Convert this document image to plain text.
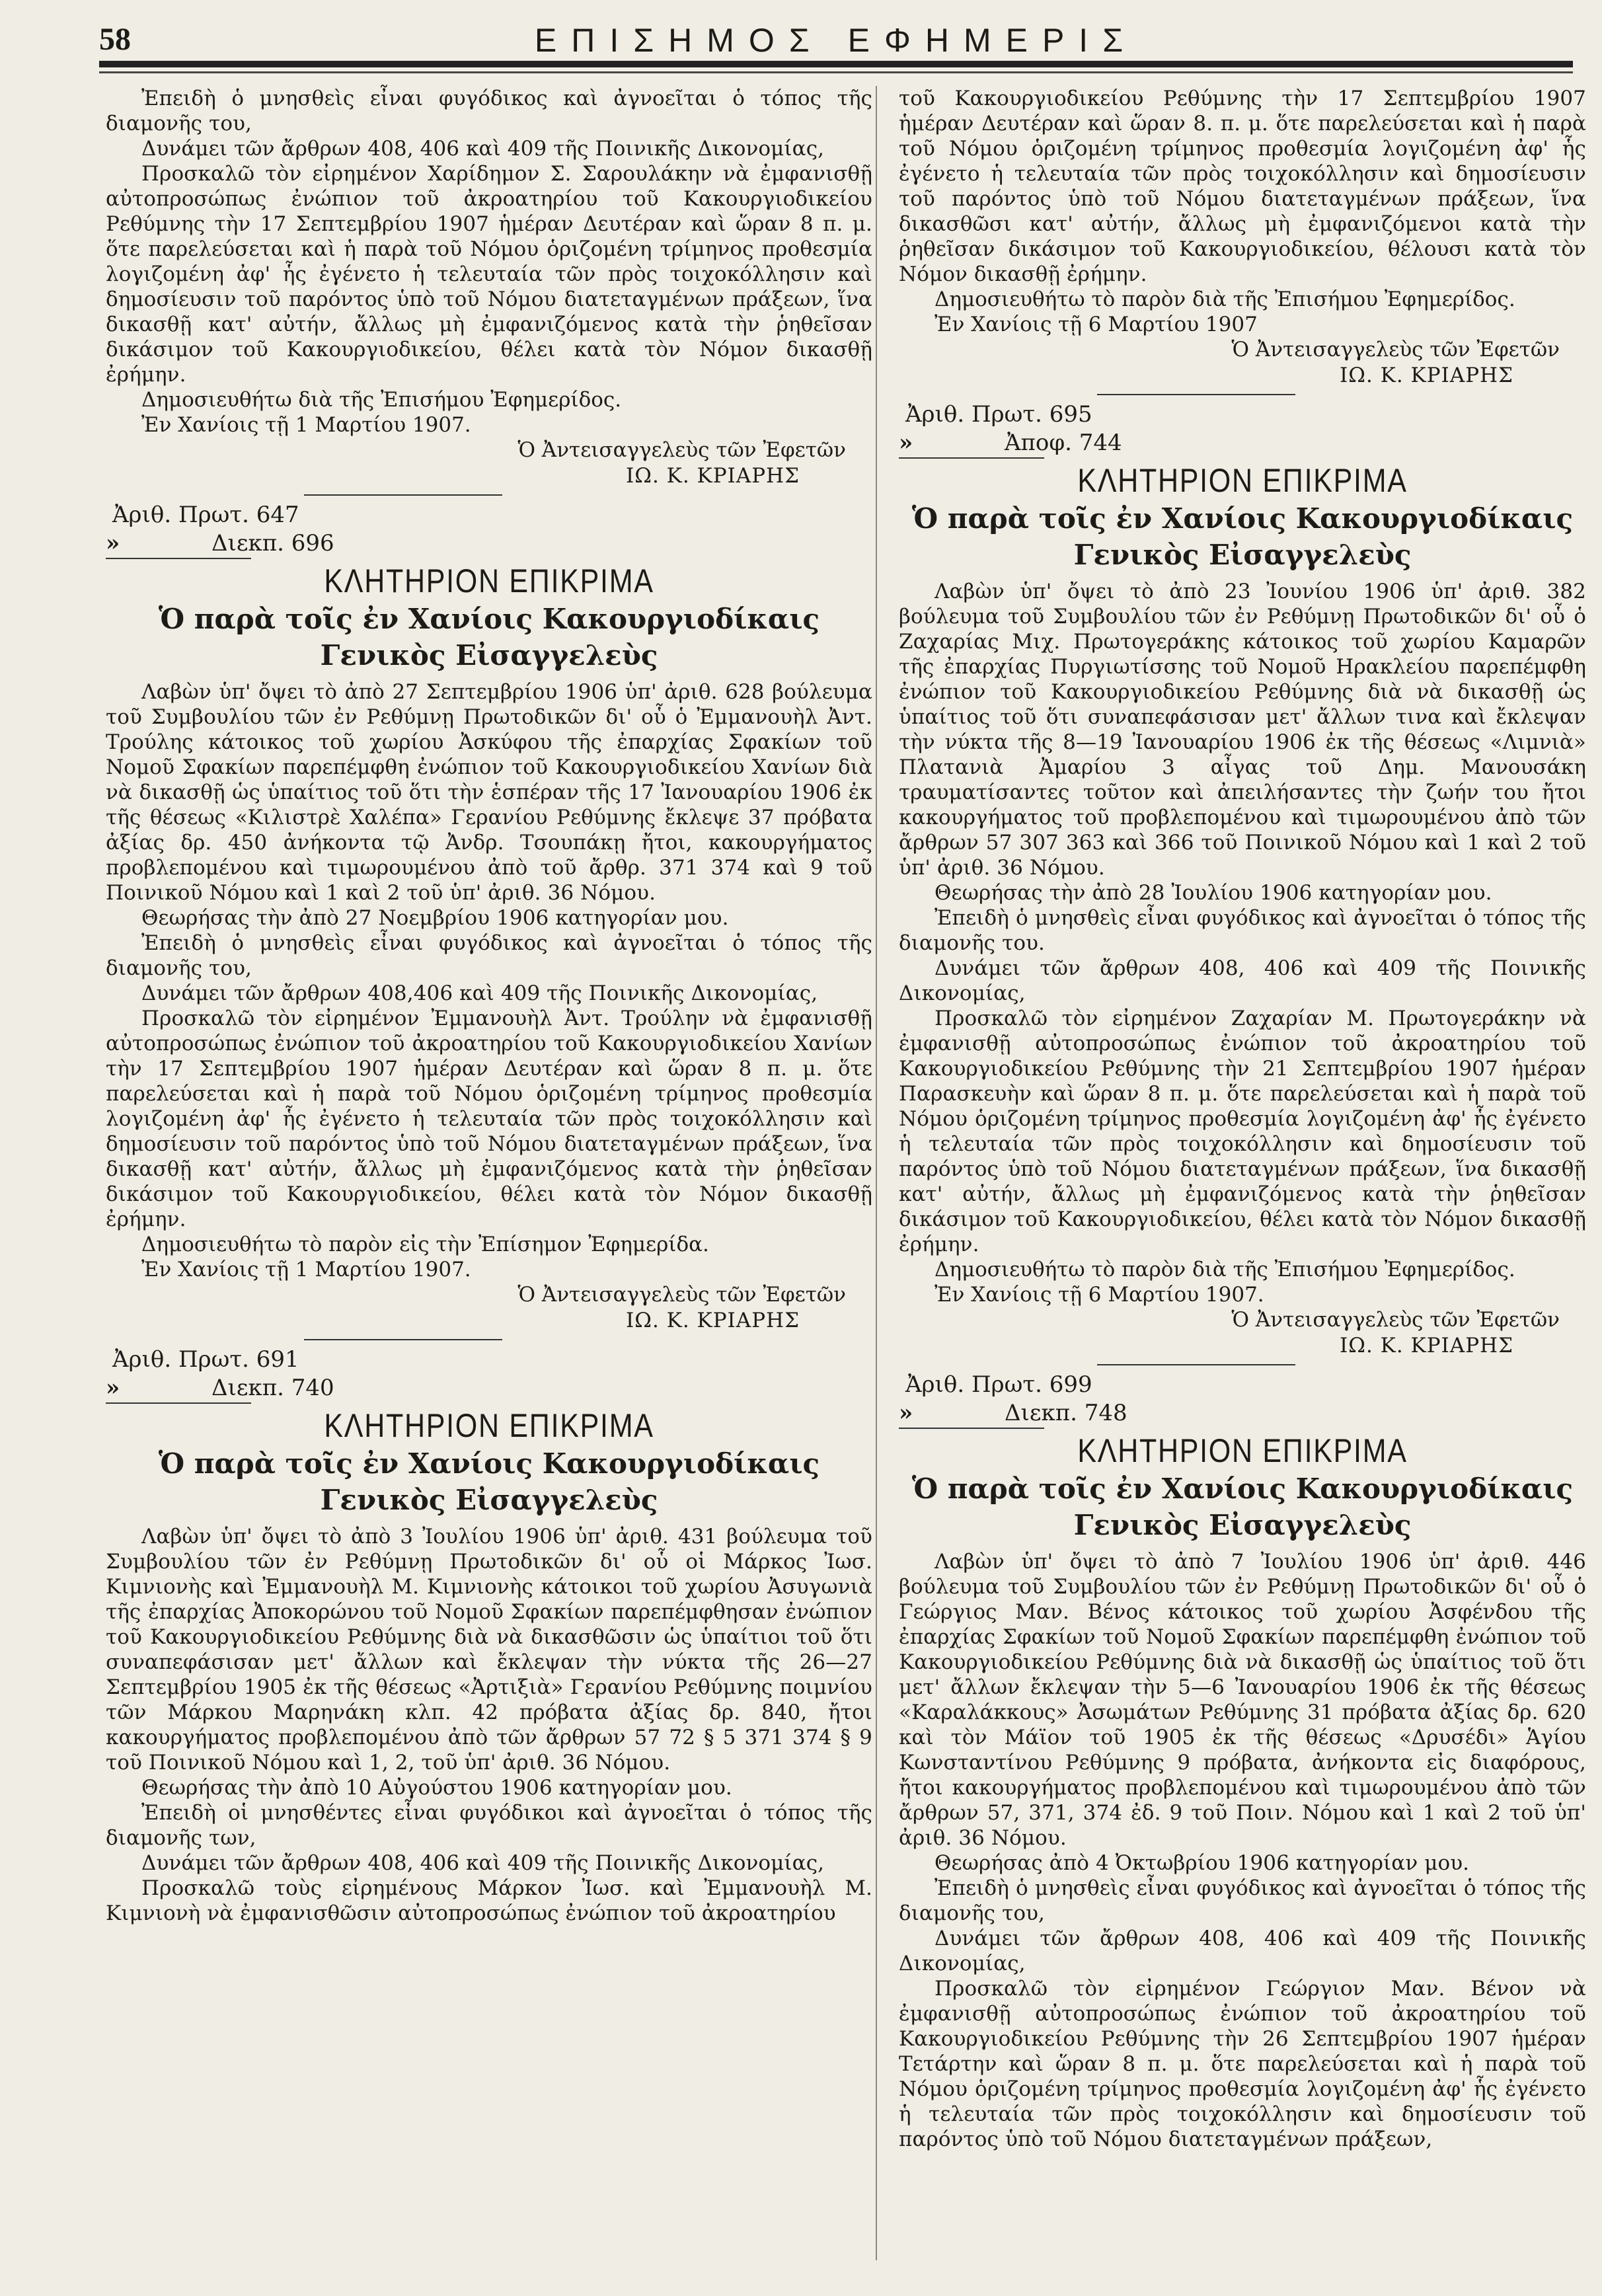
58	ΕΠΙΣΗΜΟΣ ΕΦΗΜΕΡΙΣ

Ἐπειδὴ ὁ μνησθεὶς εἶναι φυγόδικος καὶ ἀγνοεῖται ὁ τόπος τῆς διαμονῆς του,

Δυνάμει τῶν ἄρθρων 408, 406 καὶ 409 τῆς Ποινικῆς Δικονομίας,

Προσκαλῶ τὸν εἰρημένον Χαρίδημον Σ. Σαρουλάκην νὰ ἐμφανισθῇ αὐτοπροσώπως ἐνώπιον τοῦ ἀκροατηρίου τοῦ Κακουργιοδικείου Ρεθύμνης τὴν 17 Σεπτεμβρίου 1907 ἡμέραν Δευτέραν καὶ ὥραν 8 π. μ. ὅτε παρελεύσεται καὶ ἡ παρὰ τοῦ Νόμου ὁριζομένη τρίμηνος προθεσμία λογιζομένη ἀφ' ἧς ἐγένετο ἡ τελευταία τῶν πρὸς τοιχοκόλλησιν καὶ δημοσίευσιν τοῦ παρόντος ὑπὸ τοῦ Νόμου διατεταγμένων πράξεων, ἵνα δικασθῇ κατ' αὐτήν, ἄλλως μὴ ἐμφανιζόμενος κατὰ τὴν ῥηθεῖσαν δικάσιμον τοῦ Κακουργιοδικείου, θέλει κατὰ τὸν Νόμον δικασθῇ ἐρήμην.

Δημοσιευθήτω διὰ τῆς Ἐπισήμου Ἐφημερίδος.

Ἐν Χανίοις τῇ 1 Μαρτίου 1907.

Ὁ Ἀντεισαγγελεὺς τῶν Ἐφετῶν

ΙΩ. Κ. ΚΡΙΑΡΗΣ

Ἀριθ. Πρωτ. 647
»	Διεκπ. 696
ΚΛΗΤΗΡΙΟΝ ΕΠΙΚΡΙΜΑ
Ὁ παρὰ τοῖς ἐν Χανίοις Κακουργιοδίκαις
Γενικὸς Εἰσαγγελεὺς

Λαβὼν ὑπ' ὄψει τὸ ἀπὸ 27 Σεπτεμβρίου 1906 ὑπ' ἀριθ. 628 βούλευμα τοῦ Συμβουλίου τῶν ἐν Ρεθύμνῃ Πρωτοδικῶν δι' οὗ ὁ Ἐμμανουὴλ Ἀντ. Τρούλης κάτοικος τοῦ χωρίου Ἀσκύφου τῆς ἐπαρχίας Σφακίων τοῦ Νομοῦ Σφακίων παρεπέμφθη ἐνώπιον τοῦ Κακουργιοδικείου Χανίων διὰ νὰ δικασθῇ ὡς ὑπαίτιος τοῦ ὅτι τὴν ἑσπέραν τῆς 17 Ἰανουαρίου 1906 ἐκ τῆς θέσεως «Κιλιστρὲ Χαλέπα» Γερανίου Ρεθύμνης ἔκλεψε 37 πρόβατα ἀξίας δρ. 450 ἀνήκοντα τῷ Ἀνδρ. Τσουπάκῃ ἤτοι, κακουργήματος προβλεπομένου καὶ τιμωρουμένου ἀπὸ τοῦ ἄρθρ. 371 374 καὶ 9 τοῦ Ποινικοῦ Νόμου καὶ 1 καὶ 2 τοῦ ὑπ' ἀριθ. 36 Νόμου.

Θεωρήσας τὴν ἀπὸ 27 Νοεμβρίου 1906 κατηγορίαν μου.

Ἐπειδὴ ὁ μνησθεὶς εἶναι φυγόδικος καὶ ἀγνοεῖται ὁ τόπος τῆς διαμονῆς του,

Δυνάμει τῶν ἄρθρων 408,406 καὶ 409 τῆς Ποινικῆς Δικονομίας,

Προσκαλῶ τὸν εἰρημένον Ἐμμανουὴλ Ἀντ. Τρούλην νὰ ἐμφανισθῇ αὐτοπροσώπως ἐνώπιον τοῦ ἀκροατηρίου τοῦ Κακουργιοδικείου Χανίων τὴν 17 Σεπτεμβρίου 1907 ἡμέραν Δευτέραν καὶ ὥραν 8 π. μ. ὅτε παρελεύσεται καὶ ἡ παρὰ τοῦ Νόμου ὁριζομένη τρίμηνος προθεσμία λογιζομένη ἀφ' ἧς ἐγένετο ἡ τελευταία τῶν πρὸς τοιχοκόλλησιν καὶ δημοσίευσιν τοῦ παρόντος ὑπὸ τοῦ Νόμου διατεταγμένων πράξεων, ἵνα δικασθῇ κατ' αὐτήν, ἄλλως μὴ ἐμφανιζόμενος κατὰ τὴν ῥηθεῖσαν δικάσιμον τοῦ Κακουργιοδικείου, θέλει κατὰ τὸν Νόμον δικασθῇ ἐρήμην.

Δημοσιευθήτω τὸ παρὸν εἰς τὴν Ἐπίσημον Ἐφημερίδα.

Ἐν Χανίοις τῇ 1 Μαρτίου 1907.

Ὁ Ἀντεισαγγελεὺς τῶν Ἐφετῶν

ΙΩ. Κ. ΚΡΙΑΡΗΣ

Ἀριθ. Πρωτ. 691
»	Διεκπ. 740
ΚΛΗΤΗΡΙΟΝ ΕΠΙΚΡΙΜΑ
Ὁ παρὰ τοῖς ἐν Χανίοις Κακουργιοδίκαις
Γενικὸς Εἰσαγγελεὺς

Λαβὼν ὑπ' ὄψει τὸ ἀπὸ 3 Ἰουλίου 1906 ὑπ' ἀριθ. 431 βούλευμα τοῦ Συμβουλίου τῶν ἐν Ρεθύμνῃ Πρωτοδικῶν δι' οὗ οἱ Μάρκος Ἰωσ. Κιμνιονὴς καὶ Ἐμμανουὴλ Μ. Κιμνιονὴς κάτοικοι τοῦ χωρίου Ἀσυγωνιὰ τῆς ἐπαρχίας Ἀποκορώνου τοῦ Νομοῦ Σφακίων παρεπέμφθησαν ἐνώπιον τοῦ Κακουργιοδικείου Ρεθύμνης διὰ νὰ δικασθῶσιν ὡς ὑπαίτιοι τοῦ ὅτι συναπεφάσισαν μετ' ἄλλων καὶ ἔκλεψαν τὴν νύκτα τῆς 26—27 Σεπτεμβρίου 1905 ἐκ τῆς θέσεως «Ἀρτιξιὰ» Γερανίου Ρεθύμνης ποιμνίου τῶν Μάρκου Μαρηνάκη κλπ. 42 πρόβατα ἀξίας δρ. 840, ἤτοι κακουργήματος προβλεπομένου ἀπὸ τῶν ἄρθρων 57 72 § 5 371 374 § 9 τοῦ Ποινικοῦ Νόμου καὶ 1, 2, τοῦ ὑπ' ἀριθ. 36 Νόμου.

Θεωρήσας τὴν ἀπὸ 10 Αὐγούστου 1906 κατηγορίαν μου.

Ἐπειδὴ οἱ μνησθέντες εἶναι φυγόδικοι καὶ ἀγνοεῖται ὁ τόπος τῆς διαμονῆς των,

Δυνάμει τῶν ἄρθρων 408, 406 καὶ 409 τῆς Ποινικῆς Δικονομίας,

Προσκαλῶ τοὺς εἰρημένους Μάρκον Ἰωσ. καὶ Ἐμμανουὴλ Μ. Κιμνιονὴ νὰ ἐμφανισθῶσιν αὐτοπροσώπως ἐνώπιον τοῦ ἀκροατηρίου

τοῦ Κακουργιοδικείου Ρεθύμνης τὴν 17 Σεπτεμβρίου 1907 ἡμέραν Δευτέραν καὶ ὥραν 8. π. μ. ὅτε παρελεύσεται καὶ ἡ παρὰ τοῦ Νόμου ὁριζομένη τρίμηνος προθεσμία λογιζομένη ἀφ' ἧς ἐγένετο ἡ τελευταία τῶν πρὸς τοιχοκόλλησιν καὶ δημοσίευσιν τοῦ παρόντος ὑπὸ τοῦ Νόμου διατεταγμένων πράξεων, ἵνα δικασθῶσι κατ' αὐτήν, ἄλλως μὴ ἐμφανιζόμενοι κατὰ τὴν ῥηθεῖσαν δικάσιμον τοῦ Κακουργιοδικείου, θέλουσι κατὰ τὸν Νόμον δικασθῇ ἐρήμην.

Δημοσιευθήτω τὸ παρὸν διὰ τῆς Ἐπισήμου Ἐφημερίδος.

Ἐν Χανίοις τῇ 6 Μαρτίου 1907

Ὁ Ἀντεισαγγελεὺς τῶν Ἐφετῶν

ΙΩ. Κ. ΚΡΙΑΡΗΣ

Ἀριθ. Πρωτ. 695
»	Ἀποφ. 744
ΚΛΗΤΗΡΙΟΝ ΕΠΙΚΡΙΜΑ
Ὁ παρὰ τοῖς ἐν Χανίοις Κακουργιοδίκαις
Γενικὸς Εἰσαγγελεὺς

Λαβὼν ὑπ' ὄψει τὸ ἀπὸ 23 Ἰουνίου 1906 ὑπ' ἀριθ. 382 βούλευμα τοῦ Συμβουλίου τῶν ἐν Ρεθύμνῃ Πρωτοδικῶν δι' οὗ ὁ Ζαχαρίας Μιχ. Πρωτογεράκης κάτοικος τοῦ χωρίου Καμαρῶν τῆς ἐπαρχίας Πυργιωτίσσης τοῦ Νομοῦ Ηρακλείου παρεπέμφθη ἐνώπιον τοῦ Κακουργιοδικείου Ρεθύμνης διὰ νὰ δικασθῇ ὡς ὑπαίτιος τοῦ ὅτι συναπεφάσισαν μετ' ἄλλων τινα καὶ ἔκλεψαν τὴν νύκτα τῆς 8—19 Ἰανουαρίου 1906 ἐκ τῆς θέσεως «Λιμνιὰ» Πλατανιὰ Ἀμαρίου 3 αἶγας τοῦ Δημ. Μανουσάκη τραυματίσαντες τοῦτον καὶ ἀπειλήσαντες τὴν ζωήν του ἤτοι κακουργήματος τοῦ προβλεπομένου καὶ τιμωρουμένου ἀπὸ τῶν ἄρθρων 57 307 363 καὶ 366 τοῦ Ποινικοῦ Νόμου καὶ 1 καὶ 2 τοῦ ὑπ' ἀριθ. 36 Νόμου.

Θεωρήσας τὴν ἀπὸ 28 Ἰουλίου 1906 κατηγορίαν μου.

Ἐπειδὴ ὁ μνησθεὶς εἶναι φυγόδικος καὶ ἀγνοεῖται ὁ τόπος τῆς διαμονῆς του.

Δυνάμει τῶν ἄρθρων 408, 406 καὶ 409 τῆς Ποινικῆς Δικονομίας,

Προσκαλῶ τὸν εἰρημένον Ζαχαρίαν Μ. Πρωτογεράκην νὰ ἐμφανισθῇ αὐτοπροσώπως ἐνώπιον τοῦ ἀκροατηρίου τοῦ Κακουργιοδικείου Ρεθύμνης τὴν 21 Σεπτεμβρίου 1907 ἡμέραν Παρασκευὴν καὶ ὥραν 8 π. μ. ὅτε παρελεύσεται καὶ ἡ παρὰ τοῦ Νόμου ὁριζομένη τρίμηνος προθεσμία λογιζομένη ἀφ' ἧς ἐγένετο ἡ τελευταία τῶν πρὸς τοιχοκόλλησιν καὶ δημοσίευσιν τοῦ παρόντος ὑπὸ τοῦ Νόμου διατεταγμένων πράξεων, ἵνα δικασθῇ κατ' αὐτήν, ἄλλως μὴ ἐμφανιζόμενος κατὰ τὴν ῥηθεῖσαν δικάσιμον τοῦ Κακουργιοδικείου, θέλει κατὰ τὸν Νόμον δικασθῇ ἐρήμην.

Δημοσιευθήτω τὸ παρὸν διὰ τῆς Ἐπισήμου Ἐφημερίδος.

Ἐν Χανίοις τῇ 6 Μαρτίου 1907.

Ὁ Ἀντεισαγγελεὺς τῶν Ἐφετῶν

ΙΩ. Κ. ΚΡΙΑΡΗΣ

Ἀριθ. Πρωτ. 699
»	Διεκπ. 748
ΚΛΗΤΗΡΙΟΝ ΕΠΙΚΡΙΜΑ
Ὁ παρὰ τοῖς ἐν Χανίοις Κακουργιοδίκαις
Γενικὸς Εἰσαγγελεὺς

Λαβὼν ὑπ' ὄψει τὸ ἀπὸ 7 Ἰουλίου 1906 ὑπ' ἀριθ. 446 βούλευμα τοῦ Συμβουλίου τῶν ἐν Ρεθύμνῃ Πρωτοδικῶν δι' οὗ ὁ Γεώργιος Μαν. Βένος κάτοικος τοῦ χωρίου Ἀσφένδου τῆς ἐπαρχίας Σφακίων τοῦ Νομοῦ Σφακίων παρεπέμφθη ἐνώπιον τοῦ Κακουργιοδικείου Ρεθύμνης διὰ νὰ δικασθῇ ὡς ὑπαίτιος τοῦ ὅτι μετ' ἄλλων ἔκλεψαν τὴν 5—6 Ἰανουαρίου 1906 ἐκ τῆς θέσεως «Καραλάκκους» Ἀσωμάτων Ρεθύμνης 31 πρόβατα ἀξίας δρ. 620 καὶ τὸν Μάϊον τοῦ 1905 ἐκ τῆς θέσεως «Δρυσέδι» Ἁγίου Κωνσταντίνου Ρεθύμνης 9 πρόβατα, ἀνήκοντα εἰς διαφόρους, ἤτοι κακουργήματος προβλεπομένου καὶ τιμωρουμένου ἀπὸ τῶν ἄρθρων 57, 371, 374 ἐδ. 9 τοῦ Ποιν. Νόμου καὶ 1 καὶ 2 τοῦ ὑπ' ἀριθ. 36 Νόμου.

Θεωρήσας ἀπὸ 4 Ὀκτωβρίου 1906 κατηγορίαν μου.

Ἐπειδὴ ὁ μνησθεὶς εἶναι φυγόδικος καὶ ἀγνοεῖται ὁ τόπος τῆς διαμονῆς του,

Δυνάμει τῶν ἄρθρων 408, 406 καὶ 409 τῆς Ποινικῆς Δικονομίας,

Προσκαλῶ τὸν εἰρημένον Γεώργιον Μαν. Βένον νὰ ἐμφανισθῇ αὐτοπροσώπως ἐνώπιον τοῦ ἀκροατηρίου τοῦ Κακουργιοδικείου Ρεθύμνης τὴν 26 Σεπτεμβρίου 1907 ἡμέραν Τετάρτην καὶ ὥραν 8 π. μ. ὅτε παρελεύσεται καὶ ἡ παρὰ τοῦ Νόμου ὁριζομένη τρίμηνος προθεσμία λογιζομένη ἀφ' ἧς ἐγένετο ἡ τελευταία τῶν πρὸς τοιχοκόλλησιν καὶ δημοσίευσιν τοῦ παρόντος ὑπὸ τοῦ Νόμου διατεταγμένων πράξεων,
